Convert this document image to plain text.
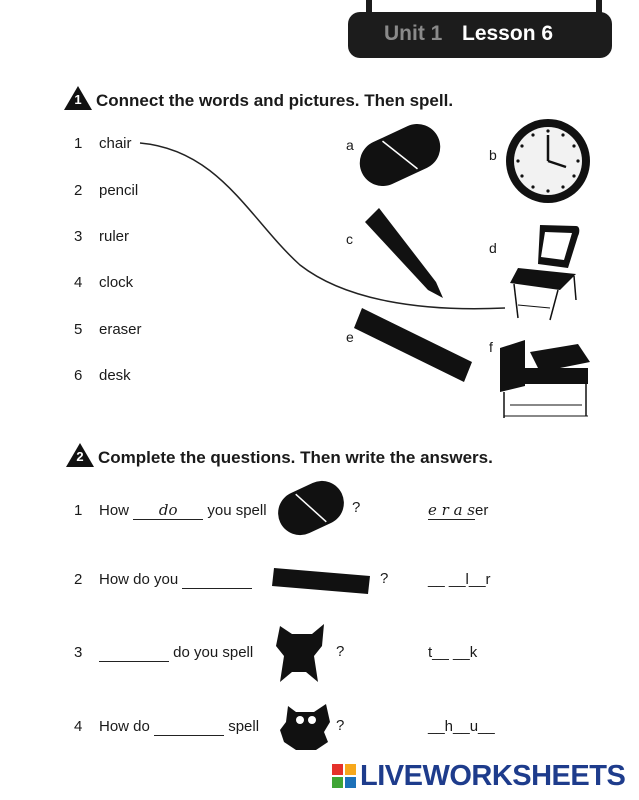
Unit 1 Lesson 6
1 Connect the words and pictures. Then spell.
1 chair
2 pencil
3 ruler
4 clock
5 eraser
6 desk
a
b
c
d
e
f
2 Complete the questions. Then write the answers.
1 How do you spell
2 How do you
3	do you spell
4 How do	spell
?
?
?
?
e r a ser
__ __l__r
t__ __k
__h__u__
LIVEWORKSHEETS
